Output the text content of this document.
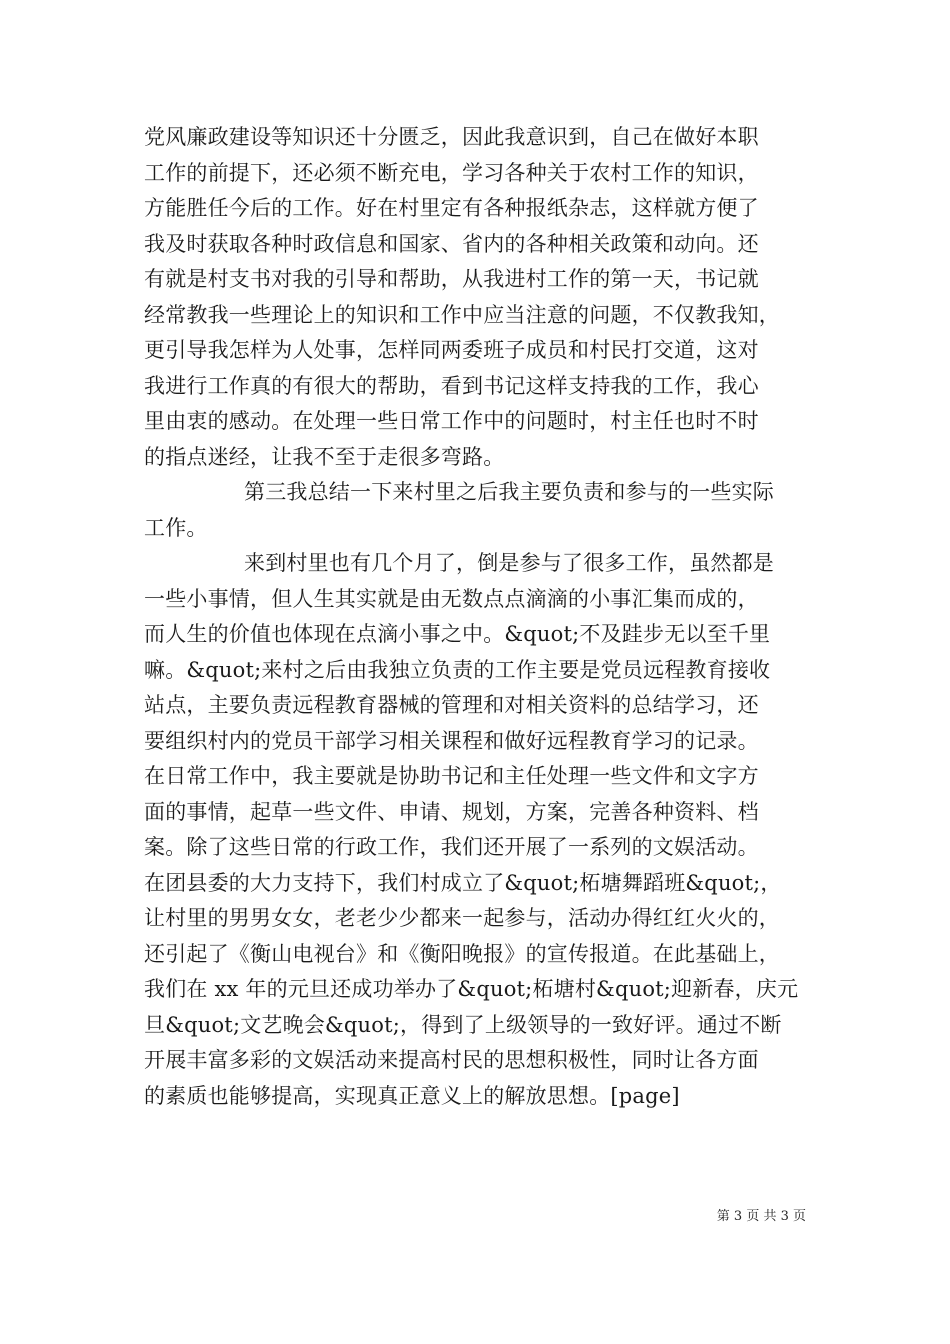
党风廉政建设等知识还十分匮乏，因此我意识到，自己在做好本职
工作的前提下，还必须不断充电，学习各种关于农村工作的知识，
方能胜任今后的工作。好在村里定有各种报纸杂志，这样就方便了
我及时获取各种时政信息和国家、省内的各种相关政策和动向。还
有就是村支书对我的引导和帮助，从我进村工作的第一天，书记就
经常教我一些理论上的知识和工作中应当注意的问题，不仅教我知，
更引导我怎样为人处事，怎样同两委班子成员和村民打交道，这对
我进行工作真的有很大的帮助，看到书记这样支持我的工作，我心
里由衷的感动。在处理一些日常工作中的问题时，村主任也时不时
的指点迷经，让我不至于走很多弯路。
第三我总结一下来村里之后我主要负责和参与的一些实际
工作。
来到村里也有几个月了，倒是参与了很多工作，虽然都是
一些小事情，但人生其实就是由无数点点滴滴的小事汇集而成的，
而人生的价值也体现在点滴小事之中。&quot;不及跬步无以至千里
嘛。&quot;来村之后由我独立负责的工作主要是党员远程教育接收
站点，主要负责远程教育器械的管理和对相关资料的总结学习，还
要组织村内的党员干部学习相关课程和做好远程教育学习的记录。
在日常工作中，我主要就是协助书记和主任处理一些文件和文字方
面的事情，起草一些文件、申请、规划，方案，完善各种资料、档
案。除了这些日常的行政工作，我们还开展了一系列的文娱活动。
在团县委的大力支持下，我们村成立了&quot;柘塘舞蹈班&quot;，
让村里的男男女女，老老少少都来一起参与，活动办得红红火火的，
还引起了《衡山电视台》和《衡阳晚报》的宣传报道。在此基础上，
我们在 xx 年的元旦还成功举办了&quot;柘塘村&quot;迎新春，庆元
旦&quot;文艺晚会&quot;，得到了上级领导的一致好评。通过不断
开展丰富多彩的文娱活动来提高村民的思想积极性，同时让各方面
的素质也能够提高，实现真正意义上的解放思想。[page]
第 3 页 共 3 页
